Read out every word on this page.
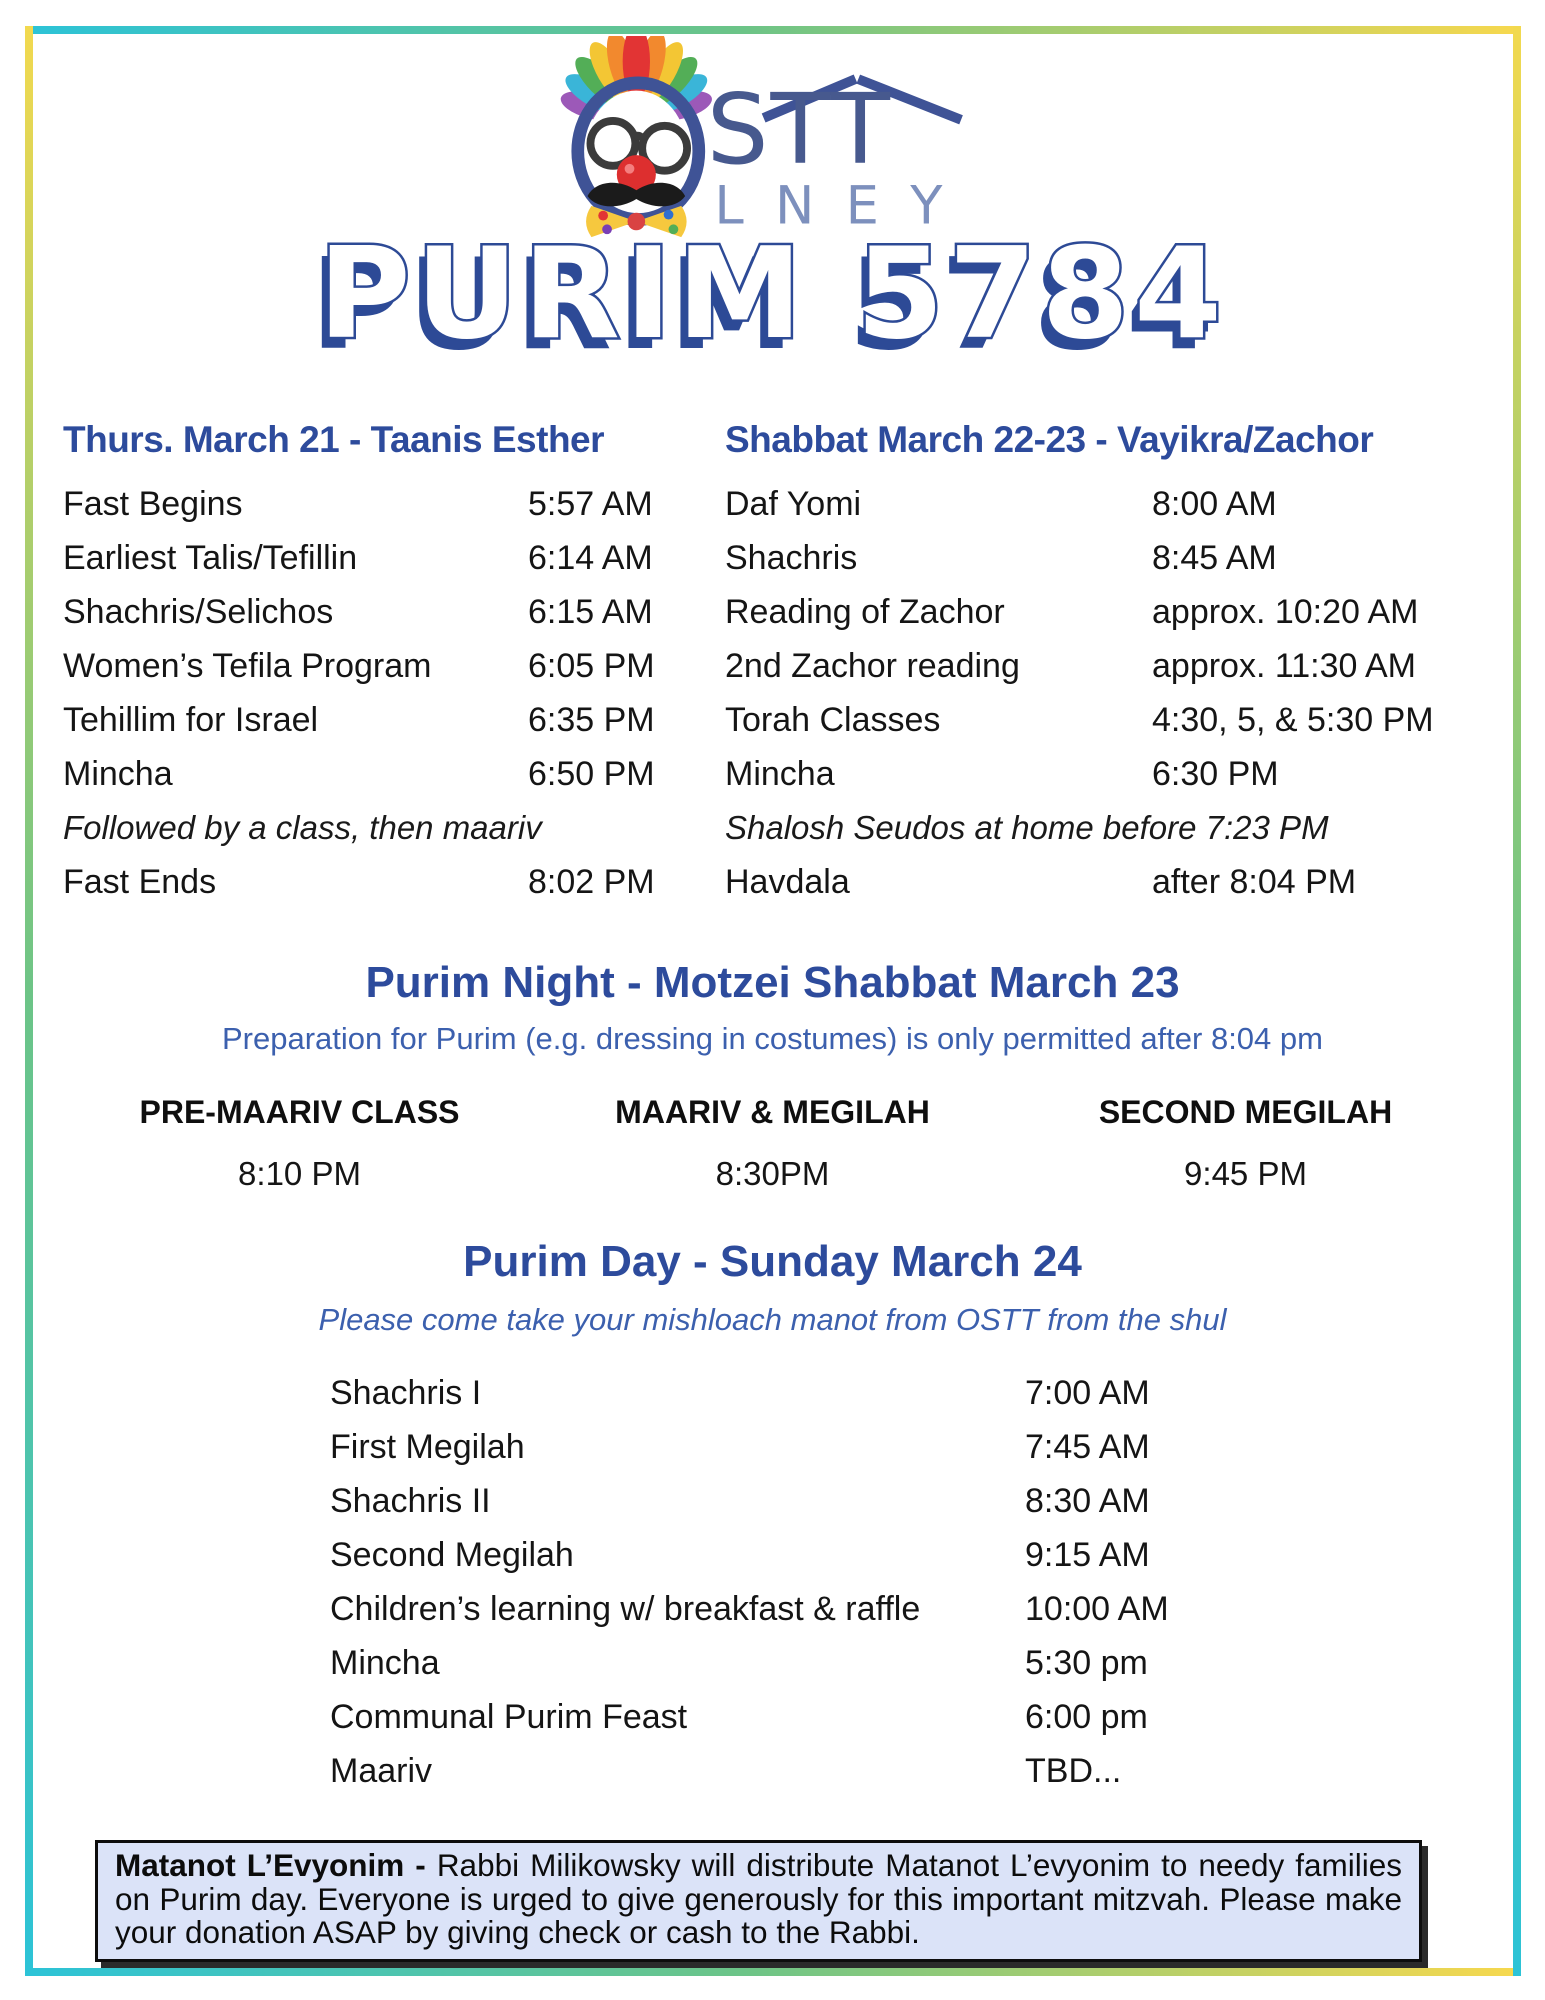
STT
LNEY
PURIM 5784
Thurs. March 21 - Taanis Esther
Fast Begins	5:57 AM
Earliest Talis/Tefillin	6:14 AM
Shachris/Selichos	6:15 AM
Women’s Tefila Program	6:05 PM
Tehillim for Israel	6:35 PM
Mincha	6:50 PM
Followed by a class, then maariv
Fast Ends	8:02 PM
Shabbat March 22-23 - Vayikra/Zachor
Daf Yomi	8:00 AM
Shachris	8:45 AM
Reading of Zachor	approx. 10:20 AM
2nd Zachor reading	approx. 11:30 AM
Torah Classes	4:30, 5, & 5:30 PM
Mincha	6:30 PM
Shalosh Seudos at home before 7:23 PM
Havdala	after 8:04 PM
Purim Night - Motzei Shabbat March 23
Preparation for Purim (e.g. dressing in costumes) is only permitted after 8:04 pm
PRE-MAARIV CLASS
8:10 PM
MAARIV & MEGILAH
8:30PM
SECOND MEGILAH
9:45 PM
Purim Day - Sunday March 24
Please come take your mishloach manot from OSTT from the shul
Shachris I	7:00 AM
First Megilah	7:45 AM
Shachris II	8:30 AM
Second Megilah	9:15 AM
Children’s learning w/ breakfast & raffle	10:00 AM
Mincha	5:30 pm
Communal Purim Feast	6:00 pm
Maariv	TBD...
Matanot L’Evyonim - Rabbi Milikowsky will distribute Matanot L’evyonim to needy families on Purim day. Everyone is urged to give generously for this important mitzvah. Please make your donation ASAP by giving check or cash to the Rabbi.
